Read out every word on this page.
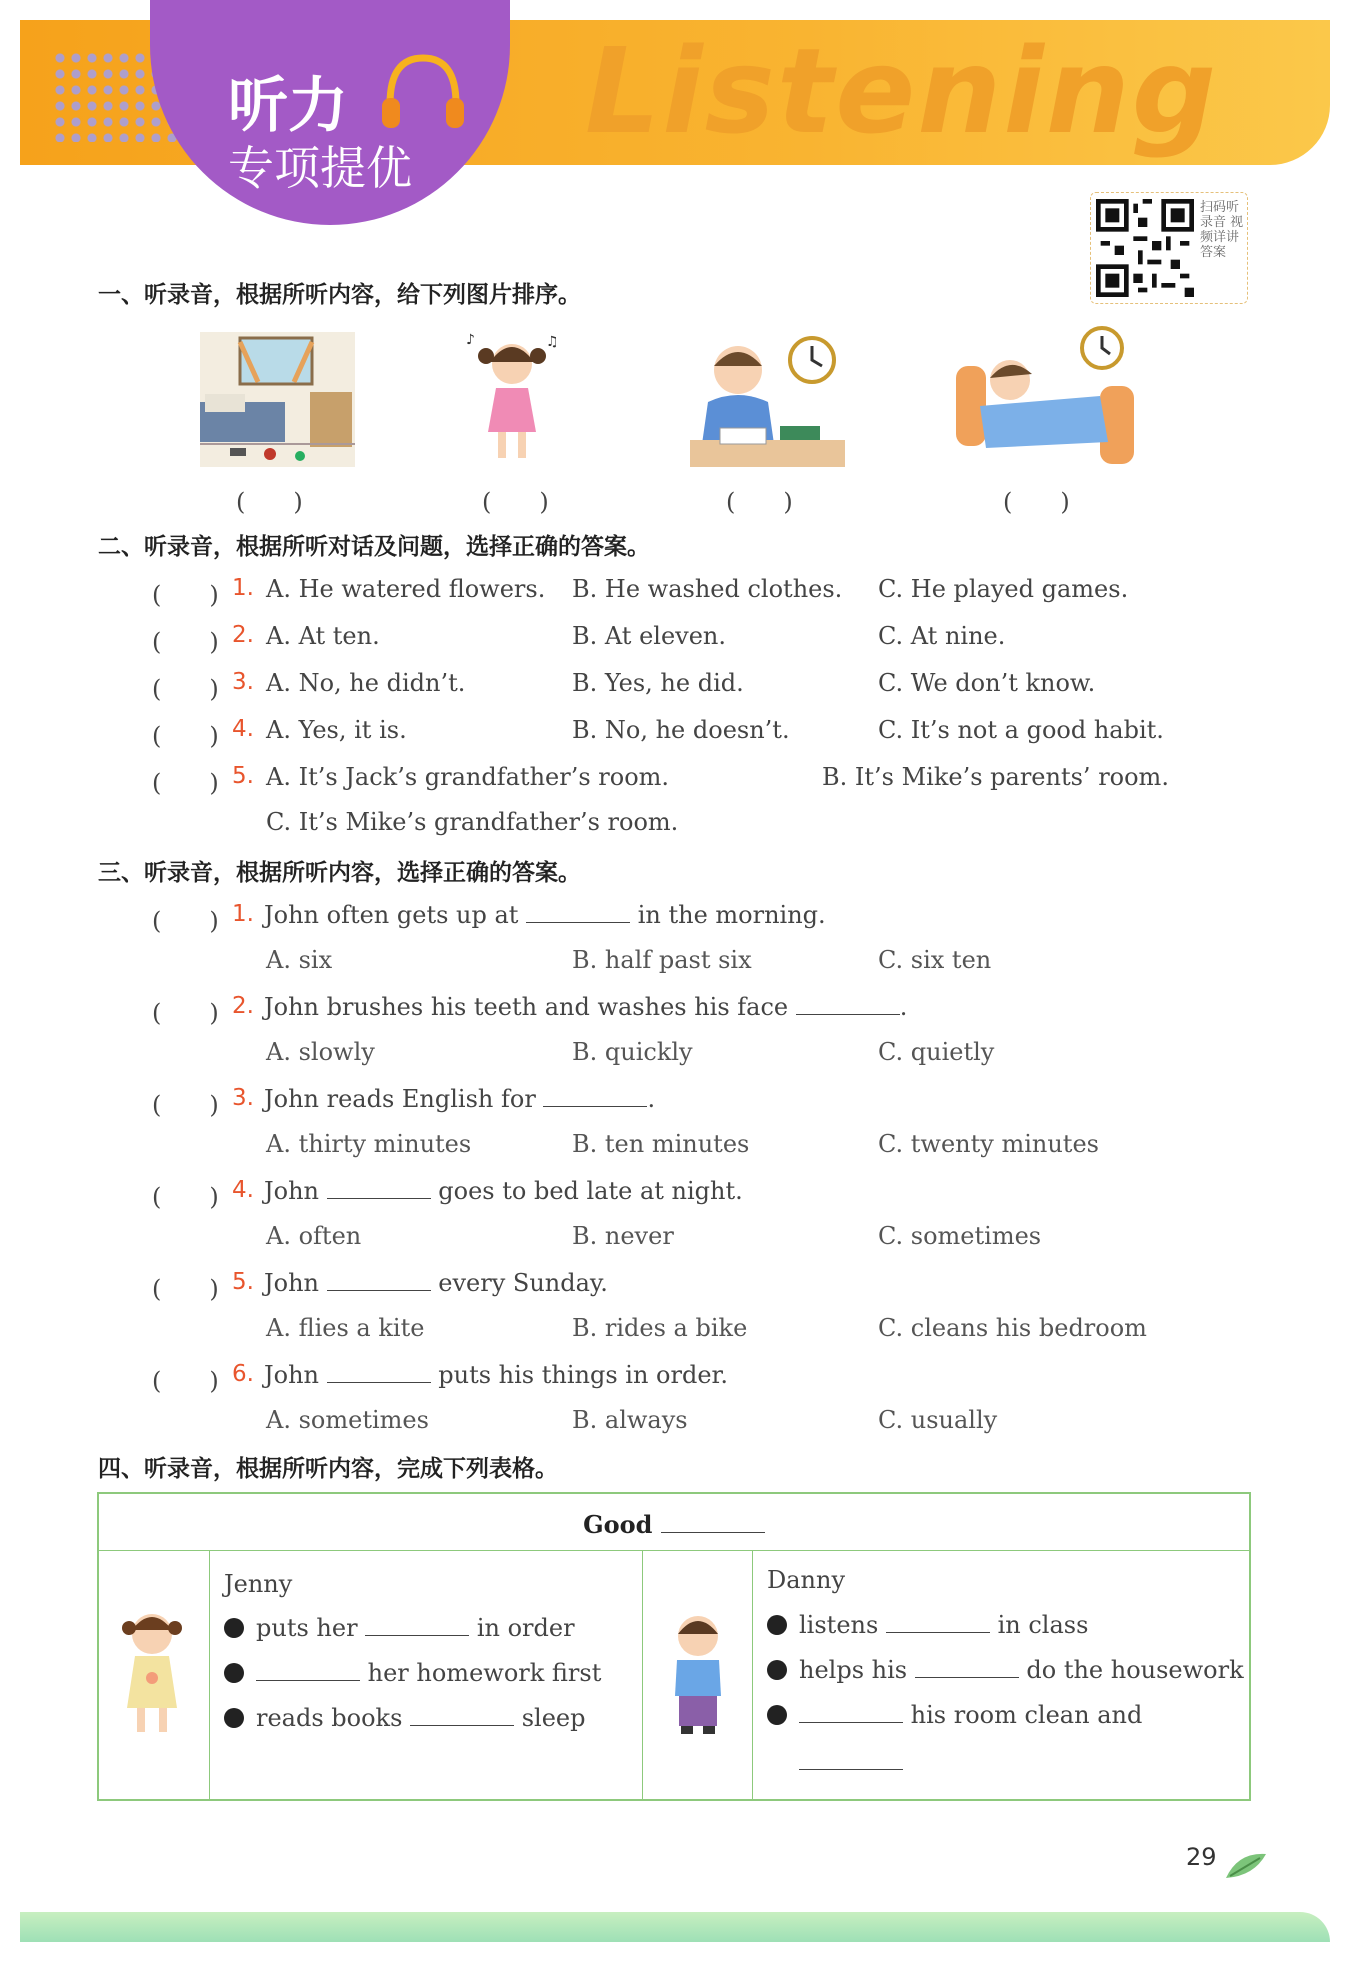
Listening
听力
专项提优
扫码听录音 视频详讲答案
一、听录音，根据所听内容，给下列图片排序。
♪	♫
(　　)	(　　)	(　　)	(　　)
二、听录音，根据所听对话及问题，选择正确的答案。
(　　) 1. A. He watered flowers. B. He washed clothes. C. He played games.
(　　) 2. A. At ten.	B. At eleven.	C. At nine.
(　　) 3. A. No, he didn’t.	B. Yes, he did.	C. We don’t know.
(　　) 4. A. Yes, it is.	B. No, he doesn’t.	C. It’s not a good habit.
(　　) 5. A. It’s Jack’s grandfather’s room.	B. It’s Mike’s parents’ room.
C. It’s Mike’s grandfather’s room.
三、听录音，根据所听内容，选择正确的答案。
(　　) 1. John often gets up at	in the morning.
A. six	B. half past six	C. six ten
(　　) 2. John brushes his teeth and washes his face	.
A. slowly	B. quickly	C. quietly
(　　) 3. John reads English for	.
A. thirty minutes	B. ten minutes	C. twenty minutes
(　　) 4. John	goes to bed late at night.
A. often	B. never	C. sometimes
(　　) 5. John	every Sunday.
A. flies a kite	B. rides a bike	C. cleans his bedroom
(　　) 6. John	puts his things in order.
A. sometimes	B. always	C. usually
四、听录音，根据所听内容，完成下列表格。
Good
Jenny
puts her	in order
her homework first
reads books	sleep
Danny
listens	in class
helps his	do the housework
his room clean and
29
